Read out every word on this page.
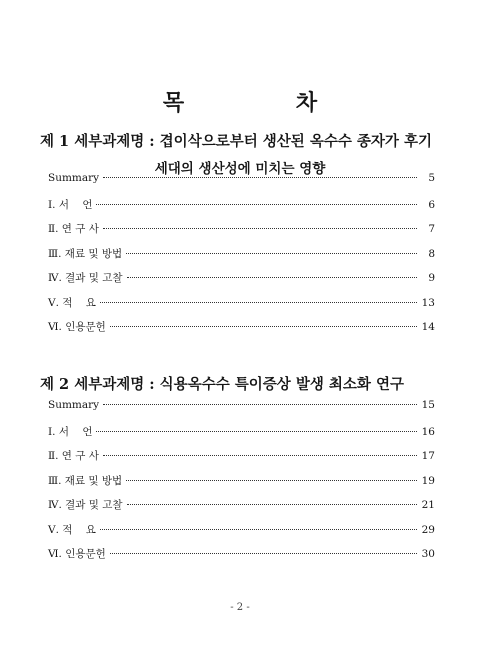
목 차
제 1 세부과제명 : 겹이삭으로부터 생산된 옥수수 종자가 후기
세대의 생산성에 미치는 영향
Summary	5
Ⅰ. 서    언	6
Ⅱ. 연 구 사	7
Ⅲ. 재료 및 방법	8
Ⅳ. 결과 및 고찰	9
Ⅴ. 적    요	13
Ⅵ. 인용문헌	14
제 2 세부과제명 : 식용옥수수 특이증상 발생 최소화 연구
Summary	15
Ⅰ. 서    언	16
Ⅱ. 연 구 사	17
Ⅲ. 재료 및 방법	19
Ⅳ. 결과 및 고찰	21
Ⅴ. 적    요	29
Ⅵ. 인용문헌	30
- 2 -
